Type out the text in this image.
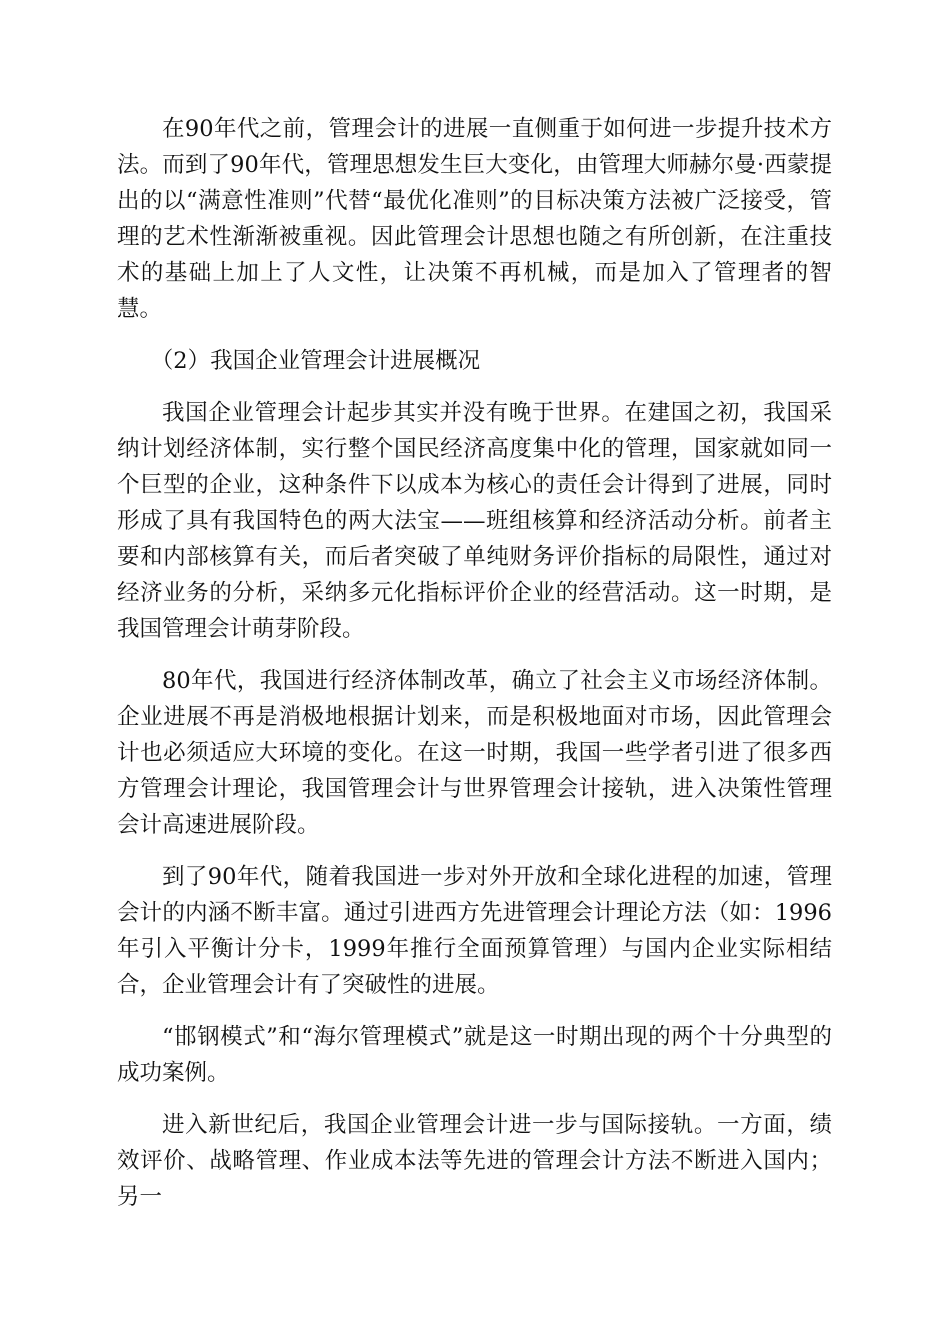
在90年代之前，管理会计的进展一直侧重于如何进一步提升技术方法。而到了90年代，管理思想发生巨大变化，由管理大师赫尔曼·西蒙提出的以“满意性准则”代替“最优化准则”的目标决策方法被广泛接受，管理的艺术性渐渐被重视。因此管理会计思想也随之有所创新，在注重技术的基础上加上了人文性，让决策不再机械，而是加入了管理者的智慧。

（2）我国企业管理会计进展概况

我国企业管理会计起步其实并没有晚于世界。在建国之初，我国采纳计划经济体制，实行整个国民经济高度集中化的管理，国家就如同一个巨型的企业，这种条件下以成本为核心的责任会计得到了进展，同时形成了具有我国特色的两大法宝——班组核算和经济活动分析。前者主要和内部核算有关，而后者突破了单纯财务评价指标的局限性，通过对经济业务的分析，采纳多元化指标评价企业的经营活动。这一时期，是我国管理会计萌芽阶段。

80年代，我国进行经济体制改革，确立了社会主义市场经济体制。企业进展不再是消极地根据计划来，而是积极地面对市场，因此管理会计也必须适应大环境的变化。在这一时期，我国一些学者引进了很多西方管理会计理论，我国管理会计与世界管理会计接轨，进入决策性管理会计高速进展阶段。

到了90年代，随着我国进一步对外开放和全球化进程的加速，管理会计的内涵不断丰富。通过引进西方先进管理会计理论方法（如：1996年引入平衡计分卡，1999年推行全面预算管理）与国内企业实际相结合，企业管理会计有了突破性的进展。

“邯钢模式”和“海尔管理模式”就是这一时期出现的两个十分典型的成功案例。

进入新世纪后，我国企业管理会计进一步与国际接轨。一方面，绩效评价、战略管理、作业成本法等先进的管理会计方法不断进入国内；另一
